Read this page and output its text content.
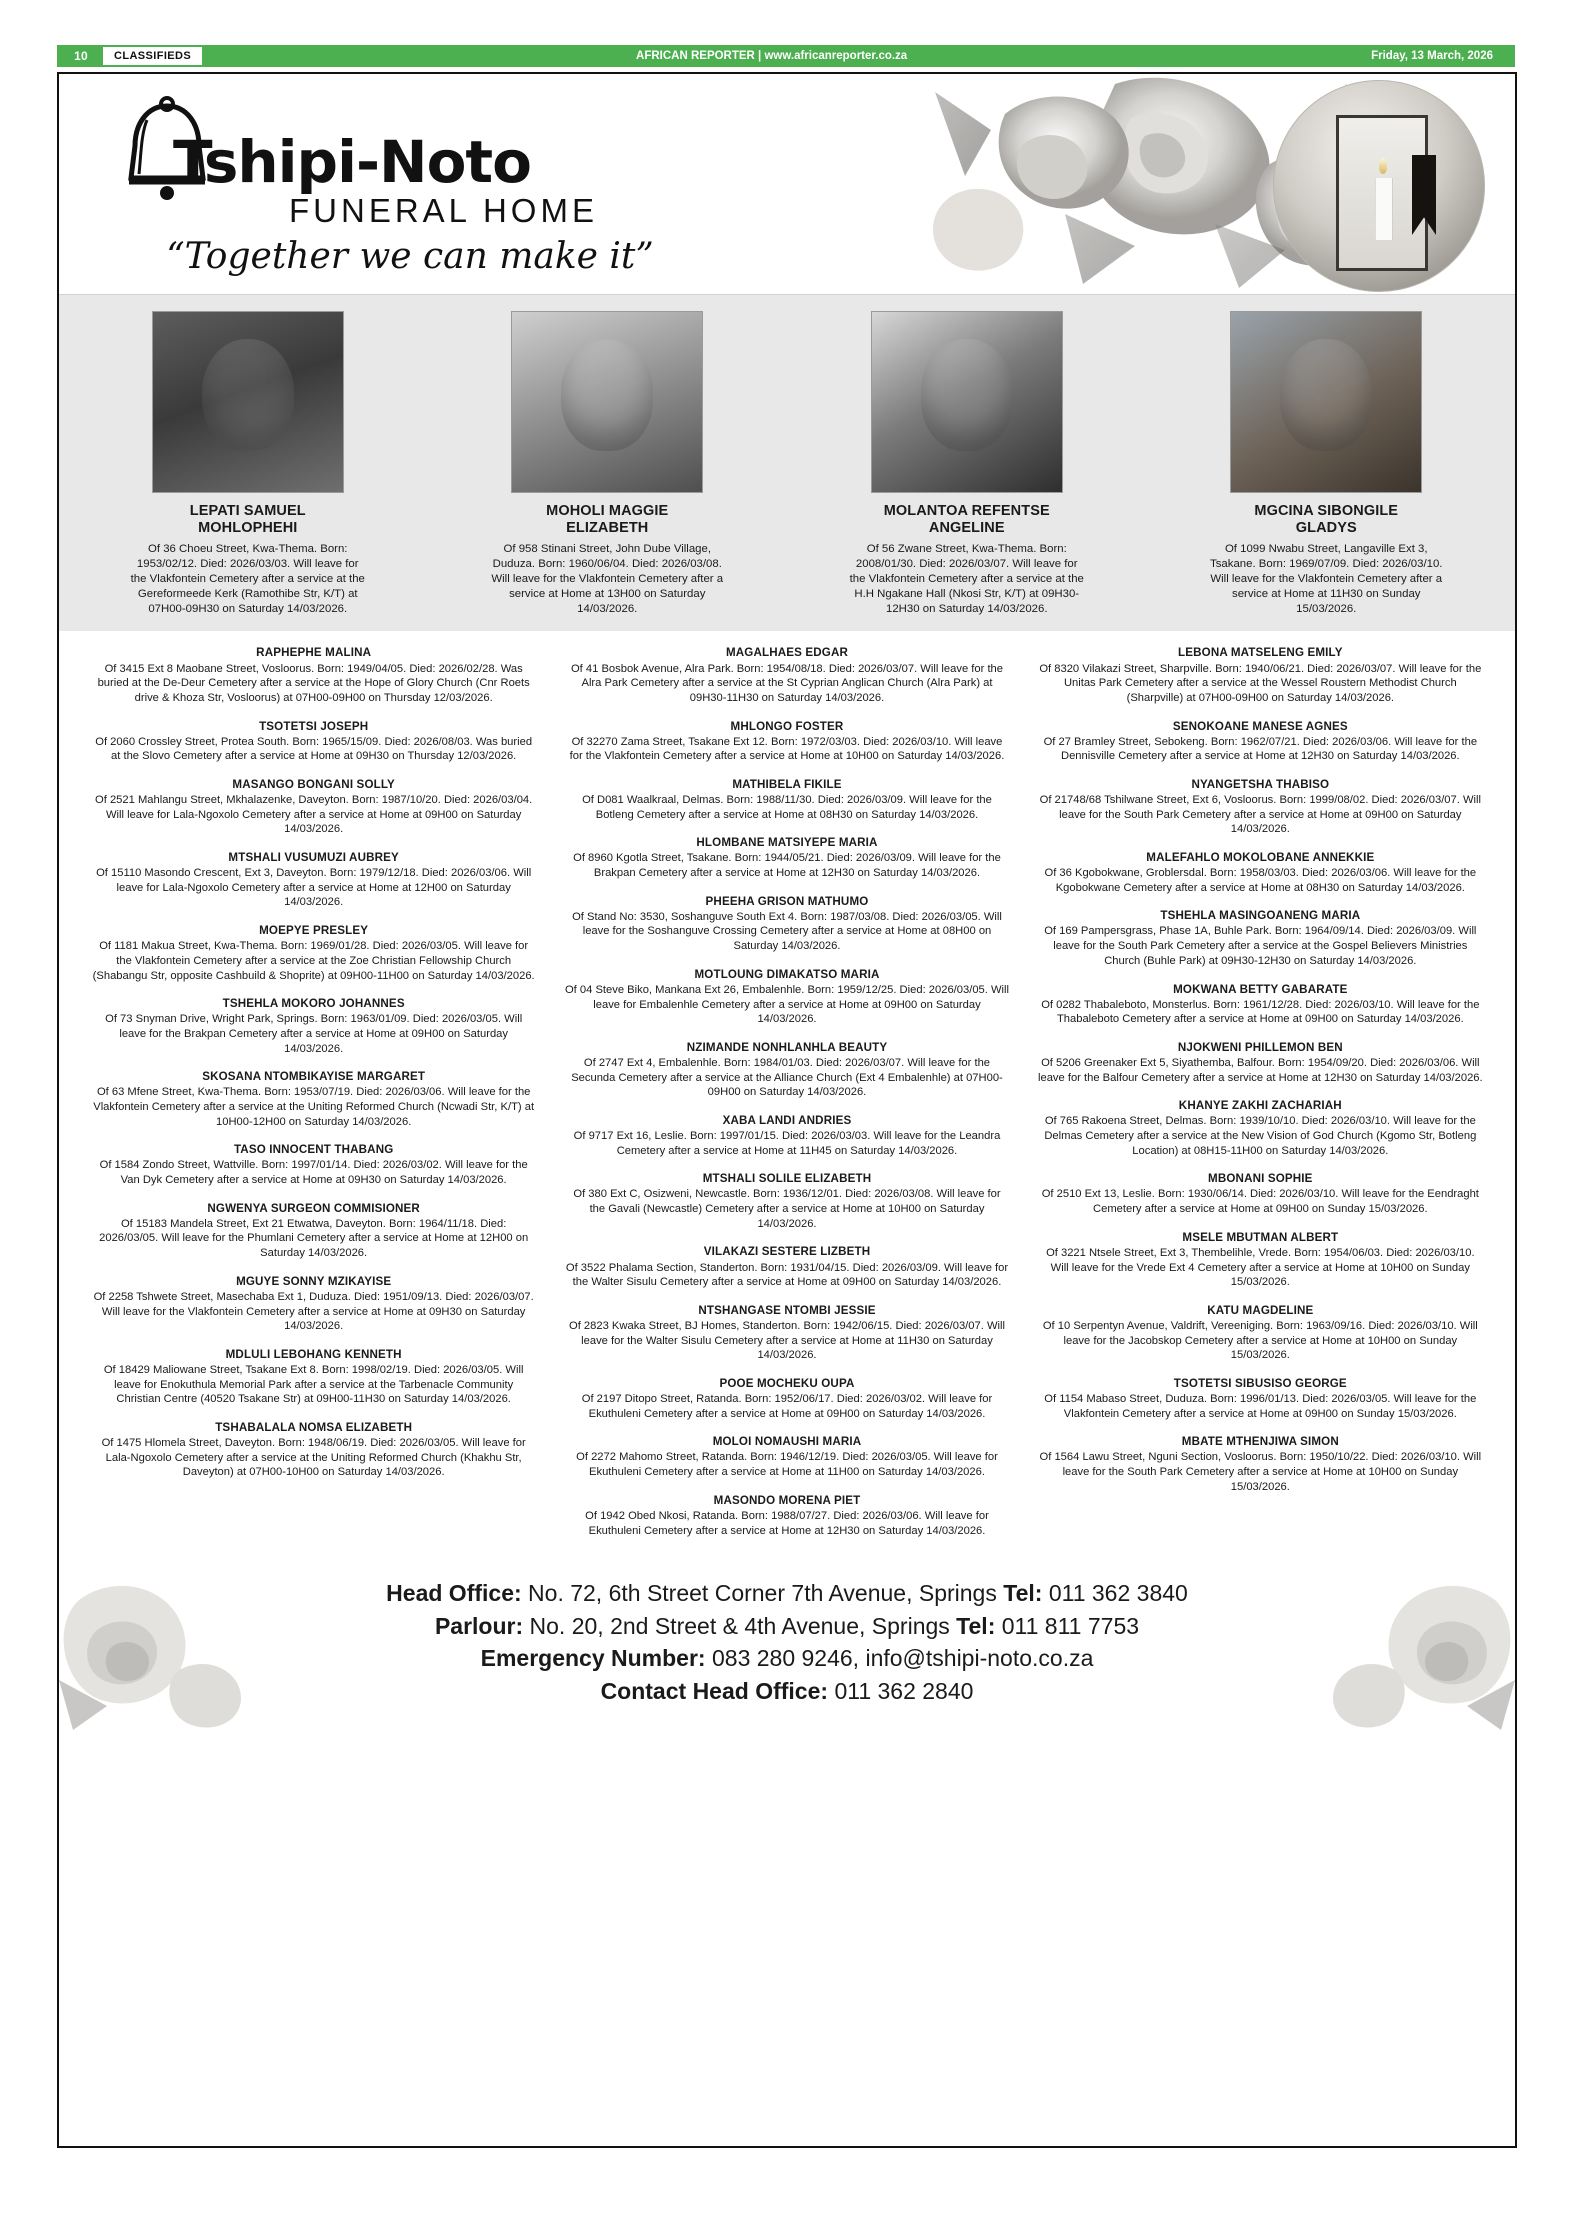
10	CLASSIFIEDS	AFRICAN REPORTER | www.africanreporter.co.za	Friday, 13 March, 2026
Tshipi-Noto
FUNERAL HOME
“Together we can make it”
LEPATI SAMUEL
MOHLOPHEHI
Of 36 Choeu Street, Kwa-Thema. Born: 1953/02/12. Died: 2026/03/03. Will leave for the Vlakfontein Cemetery after a service at the Gereformeede Kerk (Ramothibe Str, K/T) at 07H00-09H30 on Saturday 14/03/2026.
MOHOLI MAGGIE
ELIZABETH
Of 958 Stinani Street, John Dube Village, Duduza. Born: 1960/06/04. Died: 2026/03/08. Will leave for the Vlakfontein Cemetery after a service at Home at 13H00 on Saturday 14/03/2026.
MOLANTOA REFENTSE
ANGELINE
Of 56 Zwane Street, Kwa-Thema. Born: 2008/01/30. Died: 2026/03/07. Will leave for the Vlakfontein Cemetery after a service at the H.H Ngakane Hall (Nkosi Str, K/T) at 09H30-12H30 on Saturday 14/03/2026.
MGCINA SIBONGILE
GLADYS
Of 1099 Nwabu Street, Langaville Ext 3, Tsakane. Born: 1969/07/09. Died: 2026/03/10. Will leave for the Vlakfontein Cemetery after a service at Home at 11H30 on Sunday 15/03/2026.
RAPHEPHE MALINA
Of 3415 Ext 8 Maobane Street, Vosloorus. Born: 1949/04/05. Died: 2026/02/28. Was buried at the De-Deur Cemetery after a service at the Hope of Glory Church (Cnr Roets drive & Khoza Str, Vosloorus) at 07H00-09H00 on Thursday 12/03/2026.
TSOTETSI JOSEPH
Of 2060 Crossley Street, Protea South. Born: 1965/15/09. Died: 2026/08/03. Was buried at the Slovo Cemetery after a service at Home at 09H30 on Thursday 12/03/2026.
MASANGO BONGANI SOLLY
Of 2521 Mahlangu Street, Mkhalazenke, Daveyton. Born: 1987/10/20. Died: 2026/03/04. Will leave for Lala-Ngoxolo Cemetery after a service at Home at 09H00 on Saturday 14/03/2026.
MTSHALI VUSUMUZI AUBREY
Of 15110 Masondo Crescent, Ext 3, Daveyton. Born: 1979/12/18. Died: 2026/03/06. Will leave for Lala-Ngoxolo Cemetery after a service at Home at 12H00 on Saturday 14/03/2026.
MOEPYE PRESLEY
Of 1181 Makua Street, Kwa-Thema. Born: 1969/01/28. Died: 2026/03/05. Will leave for the Vlakfontein Cemetery after a service at the Zoe Christian Fellowship Church (Shabangu Str, opposite Cashbuild & Shoprite) at 09H00-11H00 on Saturday 14/03/2026.
TSHEHLA MOKORO JOHANNES
Of 73 Snyman Drive, Wright Park, Springs. Born: 1963/01/09. Died: 2026/03/05. Will leave for the Brakpan Cemetery after a service at Home at 09H00 on Saturday 14/03/2026.
SKOSANA NTOMBIKAYISE MARGARET
Of 63 Mfene Street, Kwa-Thema. Born: 1953/07/19. Died: 2026/03/06. Will leave for the Vlakfontein Cemetery after a service at the Uniting Reformed Church (Ncwadi Str, K/T) at 10H00-12H00 on Saturday 14/03/2026.
TASO INNOCENT THABANG
Of 1584 Zondo Street, Wattville. Born: 1997/01/14. Died: 2026/03/02. Will leave for the Van Dyk Cemetery after a service at Home at 09H30 on Saturday 14/03/2026.
NGWENYA SURGEON COMMISIONER
Of 15183 Mandela Street, Ext 21 Etwatwa, Daveyton. Born: 1964/11/18. Died: 2026/03/05. Will leave for the Phumlani Cemetery after a service at Home at 12H00 on Saturday 14/03/2026.
MGUYE SONNY MZIKAYISE
Of 2258 Tshwete Street, Masechaba Ext 1, Duduza. Died: 1951/09/13. Died: 2026/03/07. Will leave for the Vlakfontein Cemetery after a service at Home at 09H30 on Saturday 14/03/2026.
MDLULI LEBOHANG KENNETH
Of 18429 Maliowane Street, Tsakane Ext 8. Born: 1998/02/19. Died: 2026/03/05. Will leave for Enokuthula Memorial Park after a service at the Tarbenacle Community Christian Centre (40520 Tsakane Str) at 09H00-11H30 on Saturday 14/03/2026.
TSHABALALA NOMSA ELIZABETH
Of 1475 Hlomela Street, Daveyton. Born: 1948/06/19. Died: 2026/03/05. Will leave for Lala-Ngoxolo Cemetery after a service at the Uniting Reformed Church (Khakhu Str, Daveyton) at 07H00-10H00 on Saturday 14/03/2026.
MAGALHAES EDGAR
Of 41 Bosbok Avenue, Alra Park. Born: 1954/08/18. Died: 2026/03/07. Will leave for the Alra Park Cemetery after a service at the St Cyprian Anglican Church (Alra Park) at 09H30-11H30 on Saturday 14/03/2026.
MHLONGO FOSTER
Of 32270 Zama Street, Tsakane Ext 12. Born: 1972/03/03. Died: 2026/03/10. Will leave for the Vlakfontein Cemetery after a service at Home at 10H00 on Saturday 14/03/2026.
MATHIBELA FIKILE
Of D081 Waalkraal, Delmas. Born: 1988/11/30. Died: 2026/03/09. Will leave for the Botleng Cemetery after a service at Home at 08H30 on Saturday 14/03/2026.
HLOMBANE MATSIYEPE MARIA
Of 8960 Kgotla Street, Tsakane. Born: 1944/05/21. Died: 2026/03/09. Will leave for the Brakpan Cemetery after a service at Home at 12H30 on Saturday 14/03/2026.
PHEEHA GRISON MATHUMO
Of Stand No: 3530, Soshanguve South Ext 4. Born: 1987/03/08. Died: 2026/03/05. Will leave for the Soshanguve Crossing Cemetery after a service at Home at 08H00 on Saturday 14/03/2026.
MOTLOUNG DIMAKATSO MARIA
Of 04 Steve Biko, Mankana Ext 26, Embalenhle. Born: 1959/12/25. Died: 2026/03/05. Will leave for Embalenhle Cemetery after a service at Home at 09H00 on Saturday 14/03/2026.
NZIMANDE NONHLANHLA BEAUTY
Of 2747 Ext 4, Embalenhle. Born: 1984/01/03. Died: 2026/03/07. Will leave for the Secunda Cemetery after a service at the Alliance Church (Ext 4 Embalenhle) at 07H00-09H00 on Saturday 14/03/2026.
XABA LANDI ANDRIES
Of 9717 Ext 16, Leslie. Born: 1997/01/15. Died: 2026/03/03. Will leave for the Leandra Cemetery after a service at Home at 11H45 on Saturday 14/03/2026.
MTSHALI SOLILE ELIZABETH
Of 380 Ext C, Osizweni, Newcastle. Born: 1936/12/01. Died: 2026/03/08. Will leave for the Gavali (Newcastle) Cemetery after a service at Home at 10H00 on Saturday 14/03/2026.
VILAKAZI SESTERE LIZBETH
Of 3522 Phalama Section, Standerton. Born: 1931/04/15. Died: 2026/03/09. Will leave for the Walter Sisulu Cemetery after a service at Home at 09H00 on Saturday 14/03/2026.
NTSHANGASE NTOMBI JESSIE
Of 2823 Kwaka Street, BJ Homes, Standerton. Born: 1942/06/15. Died: 2026/03/07. Will leave for the Walter Sisulu Cemetery after a service at Home at 11H30 on Saturday 14/03/2026.
POOE MOCHEKU OUPA
Of 2197 Ditopo Street, Ratanda. Born: 1952/06/17. Died: 2026/03/02. Will leave for Ekuthuleni Cemetery after a service at Home at 09H00 on Saturday 14/03/2026.
MOLOI NOMAUSHI MARIA
Of 2272 Mahomo Street, Ratanda. Born: 1946/12/19. Died: 2026/03/05. Will leave for Ekuthuleni Cemetery after a service at Home at 11H00 on Saturday 14/03/2026.
MASONDO MORENA PIET
Of 1942 Obed Nkosi, Ratanda. Born: 1988/07/27. Died: 2026/03/06. Will leave for Ekuthuleni Cemetery after a service at Home at 12H30 on Saturday 14/03/2026.
LEBONA MATSELENG EMILY
Of 8320 Vilakazi Street, Sharpville. Born: 1940/06/21. Died: 2026/03/07. Will leave for the Unitas Park Cemetery after a service at the Wessel Roustern Methodist Church (Sharpville) at 07H00-09H00 on Saturday 14/03/2026.
SENOKOANE MANESE AGNES
Of 27 Bramley Street, Sebokeng. Born: 1962/07/21. Died: 2026/03/06. Will leave for the Dennisville Cemetery after a service at Home at 12H30 on Saturday 14/03/2026.
NYANGETSHA THABISO
Of 21748/68 Tshilwane Street, Ext 6, Vosloorus. Born: 1999/08/02. Died: 2026/03/07. Will leave for the South Park Cemetery after a service at Home at 09H00 on Saturday 14/03/2026.
MALEFAHLO MOKOLOBANE ANNEKKIE
Of 36 Kgobokwane, Groblersdal. Born: 1958/03/03. Died: 2026/03/06. Will leave for the Kgobokwane Cemetery after a service at Home at 08H30 on Saturday 14/03/2026.
TSHEHLA MASINGOANENG MARIA
Of 169 Pampersgrass, Phase 1A, Buhle Park. Born: 1964/09/14. Died: 2026/03/09. Will leave for the South Park Cemetery after a service at the Gospel Believers Ministries Church (Buhle Park) at 09H30-12H30 on Saturday 14/03/2026.
MOKWANA BETTY GABARATE
Of 0282 Thabaleboto, Monsterlus. Born: 1961/12/28. Died: 2026/03/10. Will leave for the Thabaleboto Cemetery after a service at Home at 09H00 on Saturday 14/03/2026.
NJOKWENI PHILLEMON BEN
Of 5206 Greenaker Ext 5, Siyathemba, Balfour. Born: 1954/09/20. Died: 2026/03/06. Will leave for the Balfour Cemetery after a service at Home at 12H30 on Saturday 14/03/2026.
KHANYE ZAKHI ZACHARIAH
Of 765 Rakoena Street, Delmas. Born: 1939/10/10. Died: 2026/03/10. Will leave for the Delmas Cemetery after a service at the New Vision of God Church (Kgomo Str, Botleng Location) at 08H15-11H00 on Saturday 14/03/2026.
MBONANI SOPHIE
Of 2510 Ext 13, Leslie. Born: 1930/06/14. Died: 2026/03/10. Will leave for the Eendraght Cemetery after a service at Home at 09H00 on Sunday 15/03/2026.
MSELE MBUTMAN ALBERT
Of 3221 Ntsele Street, Ext 3, Thembelihle, Vrede. Born: 1954/06/03. Died: 2026/03/10. Will leave for the Vrede Ext 4 Cemetery after a service at Home at 10H00 on Sunday 15/03/2026.
KATU MAGDELINE
Of 10 Serpentyn Avenue, Valdrift, Vereeniging. Born: 1963/09/16. Died: 2026/03/10. Will leave for the Jacobskop Cemetery after a service at Home at 10H00 on Sunday 15/03/2026.
TSOTETSI SIBUSISO GEORGE
Of 1154 Mabaso Street, Duduza. Born: 1996/01/13. Died: 2026/03/05. Will leave for the Vlakfontein Cemetery after a service at Home at 09H00 on Sunday 15/03/2026.
MBATE MTHENJIWA SIMON
Of 1564 Lawu Street, Nguni Section, Vosloorus. Born: 1950/10/22. Died: 2026/03/10. Will leave for the South Park Cemetery after a service at Home at 10H00 on Sunday 15/03/2026.
Head Office: No. 72, 6th Street Corner 7th Avenue, Springs Tel: 011 362 3840
Parlour: No. 20, 2nd Street & 4th Avenue, Springs Tel: 011 811 7753
Emergency Number: 083 280 9246, info@tshipi-noto.co.za
Contact Head Office: 011 362 2840
